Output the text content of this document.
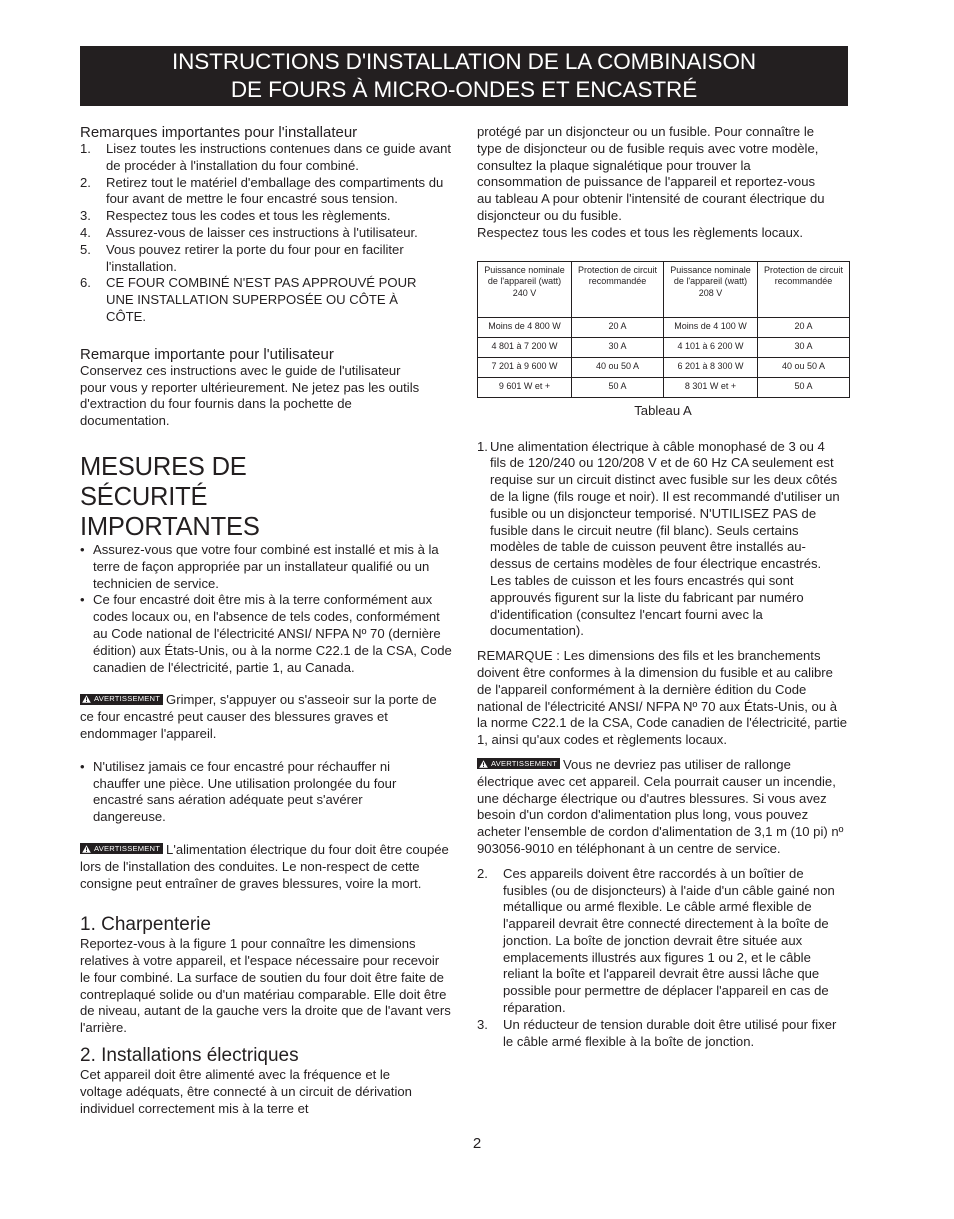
INSTRUCTIONS D'INSTALLATION DE LA COMBINAISON
DE FOURS À MICRO-ONDES ET ENCASTRÉ
Remarques importantes pour l'installateur
1.	Lisez toutes les instructions contenues dans ce guide avant de procéder à l'installation du four combiné.
2.	Retirez tout le matériel d'emballage des compartiments du four avant de mettre le four encastré sous tension.
3.	Respectez tous les codes et tous les règlements.
4.	Assurez-vous de laisser ces instructions à l'utilisateur.
5.	Vous pouvez retirer la porte du four pour en faciliter l'installation.
6.	CE FOUR COMBINÉ N'EST PAS APPROUVÉ POUR UNE INSTALLATION SUPERPOSÉE OU CÔTE À CÔTE.
Remarque importante pour l'utilisateur

Conservez ces instructions avec le guide de l'utilisateur pour vous y reporter ultérieurement. Ne jetez pas les outils d'extraction du four fournis dans la pochette de documentation.

MESURES DE SÉCURITÉ IMPORTANTES
• Assurez-vous que votre four combiné est installé et mis à la terre de façon appropriée par un installateur qualifié ou un technicien de service.
• Ce four encastré doit être mis à la terre conformément aux codes locaux ou, en l'absence de tels codes, conformément au Code national de l'électricité ANSI/ NFPA Nº 70 (dernière édition) aux États-Unis, ou à la norme C22.1 de la CSA, Code canadien de l'électricité, partie 1, au Canada.

AVERTISSEMENT Grimper, s'appuyer ou s'asseoir sur la porte de ce four encastré peut causer des blessures graves et endommager l'appareil.

• N'utilisez jamais ce four encastré pour réchauffer ni chauffer une pièce. Une utilisation prolongée du four encastré sans aération adéquate peut s'avérer dangereuse.

AVERTISSEMENT L'alimentation électrique du four doit être coupée lors de l'installation des conduites. Le non-respect de cette consigne peut entraîner de graves blessures, voire la mort.

1. Charpenterie

Reportez-vous à la figure 1 pour connaître les dimensions relatives à votre appareil, et l'espace nécessaire pour recevoir le four combiné. La surface de soutien du four doit être faite de contreplaqué solide ou d'un matériau comparable. Elle doit être de niveau, autant de la gauche vers la droite que de l'avant vers l'arrière.

2. Installations électriques

Cet appareil doit être alimenté avec la fréquence et le voltage adéquats, être connecté à un circuit de dérivation individuel correctement mis à la terre et

protégé par un disjoncteur ou un fusible. Pour connaître le type de disjoncteur ou de fusible requis avec votre modèle, consultez la plaque signalétique pour trouver la consommation de puissance de l'appareil et reportez-vous au tableau A pour obtenir l'intensité de courant électrique du disjoncteur ou du fusible.

Respectez tous les codes et tous les règlements locaux.

Puissance nominale de l'appareil (watt) 240 V	Protection de circuit recommandée	Puissance nominale de l'appareil (watt) 208 V	Protection de circuit recommandée
Moins de 4 800 W	20 A	Moins de 4 100 W	20 A
4 801 à 7 200 W	30 A	4 101 à 6 200 W	30 A
7 201 à 9 600 W	40 ou 50 A	6 201 à 8 300 W	40 ou 50 A
9 601 W et +	50 A	8 301 W et +	50 A
Tableau A
1. Une alimentation électrique à câble monophasé de 3 ou 4 fils de 120/240 ou 120/208 V et de 60 Hz CA seulement est requise sur un circuit distinct avec fusible sur les deux côtés de la ligne (fils rouge et noir). Il est recommandé d'utiliser un fusible ou un disjoncteur temporisé. N'UTILISEZ PAS de fusible dans le circuit neutre (fil blanc). Seuls certains modèles de table de cuisson peuvent être installés au-dessus de certains modèles de four électrique encastrés.

Les tables de cuisson et les fours encastrés qui sont approuvés figurent sur la liste du fabricant par numéro d'identification (consultez l'encart fourni avec la documentation).

REMARQUE : Les dimensions des fils et les branchements doivent être conformes à la dimension du fusible et au calibre de l'appareil conformément à la dernière édition du Code national de l'électricité ANSI/ NFPA Nº 70 aux États-Unis, ou à la norme C22.1 de la CSA, Code canadien de l'électricité, partie 1, ainsi qu'aux codes et règlements locaux.

AVERTISSEMENT Vous ne devriez pas utiliser de rallonge électrique avec cet appareil. Cela pourrait causer un incendie, une décharge électrique ou d'autres blessures. Si vous avez besoin d'un cordon d'alimentation plus long, vous pouvez acheter l'ensemble de cordon d'alimentation de 3,1 m (10 pi) nº 903056-9010 en téléphonant à un centre de service.

2.	Ces appareils doivent être raccordés à un boîtier de fusibles (ou de disjoncteurs) à l'aide d'un câble gainé non métallique ou armé flexible. Le câble armé flexible de l'appareil devrait être connecté directement à la boîte de jonction. La boîte de jonction devrait être située aux emplacements illustrés aux figures 1 ou 2, et le câble reliant la boîte et l'appareil devrait être aussi lâche que possible pour permettre de déplacer l'appareil en cas de réparation.
3.	Un réducteur de tension durable doit être utilisé pour fixer le câble armé flexible à la boîte de jonction.
2
